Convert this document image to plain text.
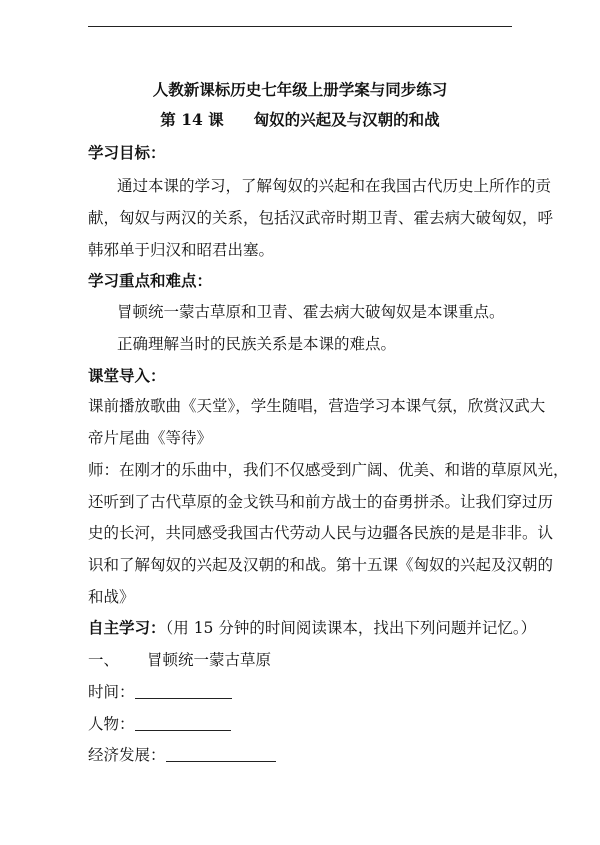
人教新课标历史七年级上册学案与同步练习
第 14 课 匈奴的兴起及与汉朝的和战
学习目标：
通过本课的学习，了解匈奴的兴起和在我国古代历史上所作的贡
献，匈奴与两汉的关系，包括汉武帝时期卫青、霍去病大破匈奴，呼
韩邪单于归汉和昭君出塞。
学习重点和难点：
冒顿统一蒙古草原和卫青、霍去病大破匈奴是本课重点。
正确理解当时的民族关系是本课的难点。
课堂导入：
课前播放歌曲《天堂》，学生随唱，营造学习本课气氛，欣赏汉武大
帝片尾曲《等待》
师：在刚才的乐曲中，我们不仅感受到广阔、优美、和谐的草原风光，
还听到了古代草原的金戈铁马和前方战士的奋勇拼杀。让我们穿过历
史的长河，共同感受我国古代劳动人民与边疆各民族的是是非非。认
识和了解匈奴的兴起及汉朝的和战。第十五课《匈奴的兴起及汉朝的
和战》
自主学习：（用 15 分钟的时间阅读课本，找出下列问题并记忆。）
一、 冒顿统一蒙古草原
时间：
人物：
经济发展：
